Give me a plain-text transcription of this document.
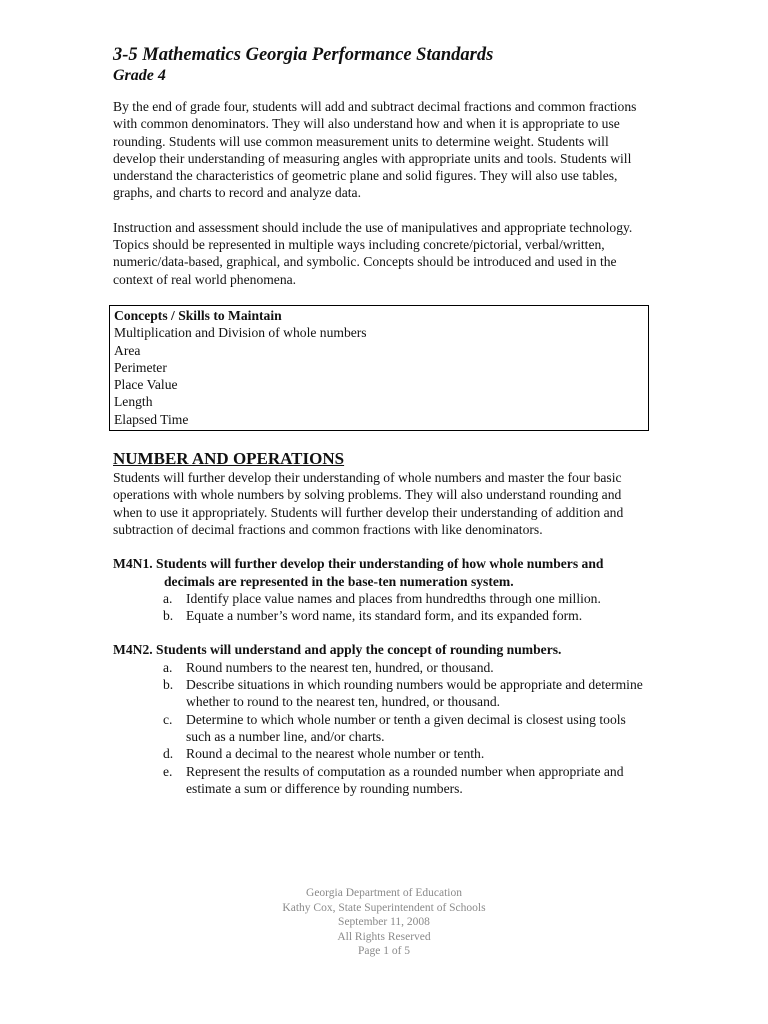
3-5 Mathematics Georgia Performance Standards
Grade 4

By the end of grade four, students will add and subtract decimal fractions and common fractions with common denominators. They will also understand how and when it is appropriate to use rounding. Students will use common measurement units to determine weight. Students will develop their understanding of measuring angles with appropriate units and tools. Students will understand the characteristics of geometric plane and solid figures. They will also use tables, graphs, and charts to record and analyze data.

Instruction and assessment should include the use of manipulatives and appropriate technology. Topics should be represented in multiple ways including concrete/pictorial, verbal/written, numeric/data-based, graphical, and symbolic. Concepts should be introduced and used in the context of real world phenomena.

Concepts / Skills to Maintain
Multiplication and Division of whole numbers
Area
Perimeter
Place Value
Length
Elapsed Time
NUMBER AND OPERATIONS

Students will further develop their understanding of whole numbers and master the four basic operations with whole numbers by solving problems. They will also understand rounding and when to use it appropriately. Students will further develop their understanding of addition and subtraction of decimal fractions and common fractions with like denominators.

M4N1. Students will further develop their understanding of how whole numbers and decimals are represented in the base-ten numeration system.
a. Identify place value names and places from hundredths through one million.
b. Equate a number’s word name, its standard form, and its expanded form.
M4N2. Students will understand and apply the concept of rounding numbers.
a. Round numbers to the nearest ten, hundred, or thousand.
b. Describe situations in which rounding numbers would be appropriate and determine whether to round to the nearest ten, hundred, or thousand.
c. Determine to which whole number or tenth a given decimal is closest using tools such as a number line, and/or charts.
d. Round a decimal to the nearest whole number or tenth.
e. Represent the results of computation as a rounded number when appropriate and estimate a sum or difference by rounding numbers.
Georgia Department of Education
Kathy Cox, State Superintendent of Schools
September 11, 2008
All Rights Reserved
Page 1 of 5
